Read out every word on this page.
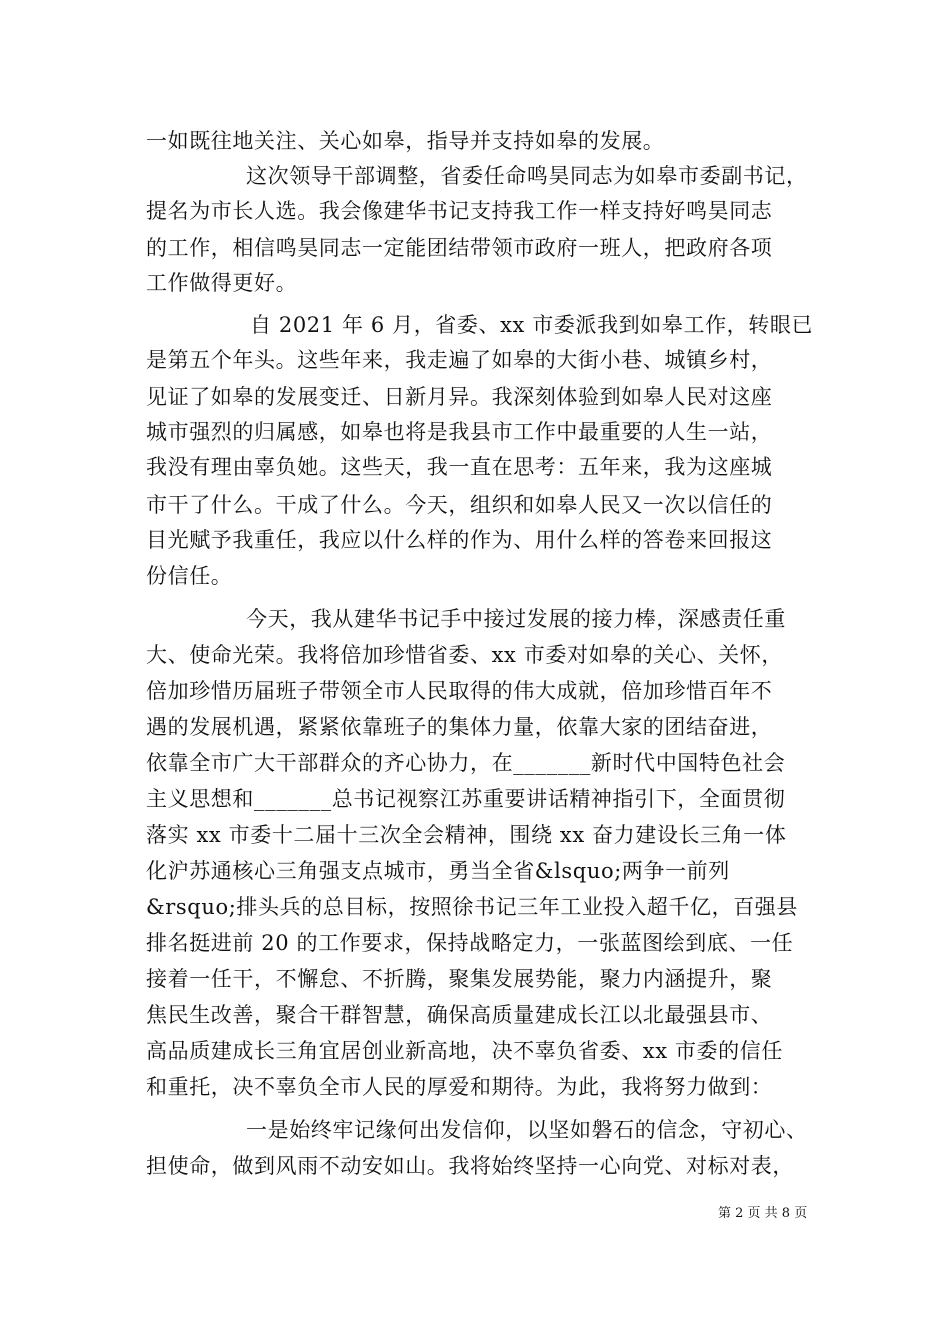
一如既往地关注、关心如皋，指导并支持如皋的发展。
这次领导干部调整，省委任命鸣昊同志为如皋市委副书记，
提名为市长人选。我会像建华书记支持我工作一样支持好鸣昊同志
的工作，相信鸣昊同志一定能团结带领市政府一班人，把政府各项
工作做得更好。
自 2021 年 6 月，省委、xx 市委派我到如皋工作，转眼已
是第五个年头。这些年来，我走遍了如皋的大街小巷、城镇乡村，
见证了如皋的发展变迁、日新月异。我深刻体验到如皋人民对这座
城市强烈的归属感，如皋也将是我县市工作中最重要的人生一站，
我没有理由辜负她。这些天，我一直在思考：五年来，我为这座城
市干了什么。干成了什么。今天，组织和如皋人民又一次以信任的
目光赋予我重任，我应以什么样的作为、用什么样的答卷来回报这
份信任。
今天，我从建华书记手中接过发展的接力棒，深感责任重
大、使命光荣。我将倍加珍惜省委、xx 市委对如皋的关心、关怀，
倍加珍惜历届班子带领全市人民取得的伟大成就，倍加珍惜百年不
遇的发展机遇，紧紧依靠班子的集体力量，依靠大家的团结奋进，
依靠全市广大干部群众的齐心协力，在_______新时代中国特色社会
主义思想和_______总书记视察江苏重要讲话精神指引下，全面贯彻
落实 xx 市委十二届十三次全会精神，围绕 xx 奋力建设长三角一体
化沪苏通核心三角强支点城市，勇当全省&lsquo;两争一前列
&rsquo;排头兵的总目标，按照徐书记三年工业投入超千亿，百强县
排名挺进前 20 的工作要求，保持战略定力，一张蓝图绘到底、一任
接着一任干，不懈怠、不折腾，聚集发展势能，聚力内涵提升，聚
焦民生改善，聚合干群智慧，确保高质量建成长江以北最强县市、
高品质建成长三角宜居创业新高地，决不辜负省委、xx 市委的信任
和重托，决不辜负全市人民的厚爱和期待。为此，我将努力做到：
一是始终牢记缘何出发信仰，以坚如磐石的信念，守初心、
担使命，做到风雨不动安如山。我将始终坚持一心向党、对标对表，
第 2 页 共 8 页
